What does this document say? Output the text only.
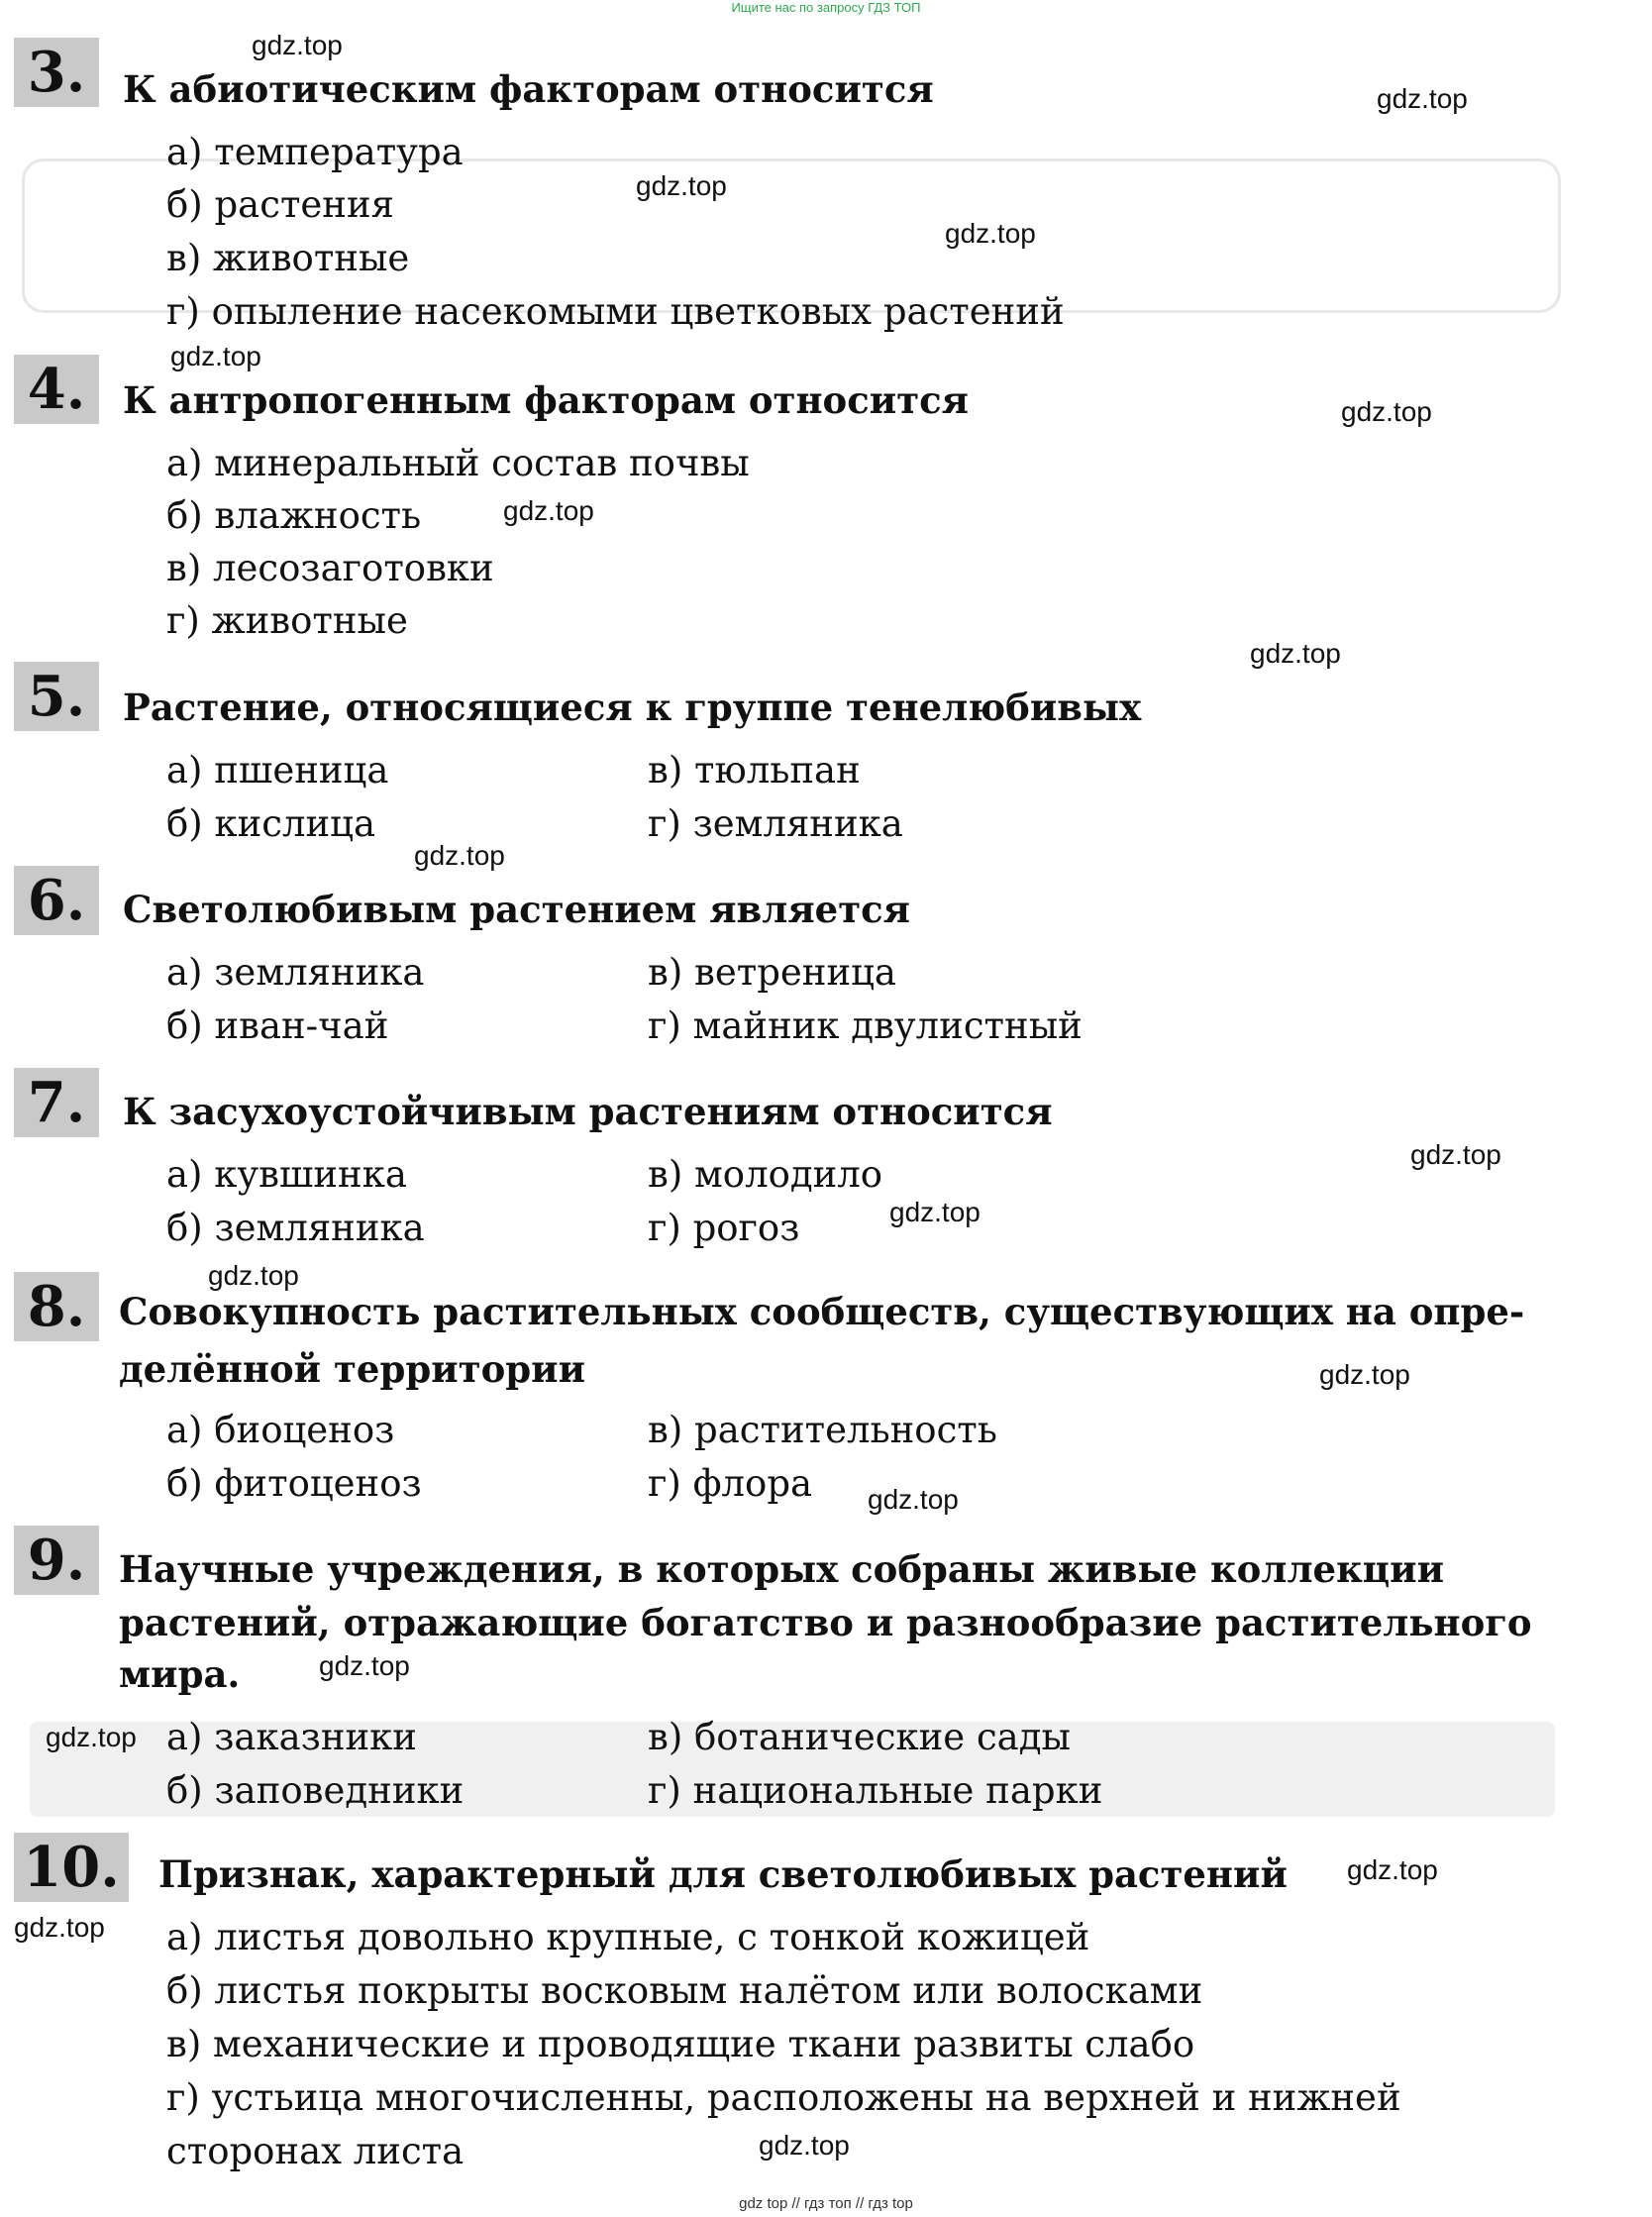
Ищите нас по запросу ГДЗ ТОП
3.	К абиотическим факторам относится
а) температура
б) растения
в) животные
г) опыление насекомыми цветковых растений
4.	К антропогенным факторам относится
а) минеральный состав почвы
б) влажность
в) лесозаготовки
г) животные
5.	Растение, относящиеся к группе тенелюбивых
а) пшеница	в) тюльпан
б) кислица	г) земляника
6.	Светолюбивым растением является
а) земляника	в) ветреница
б) иван-чай	г) майник двулистный
7.	К засухоустойчивым растениям относится
а) кувшинка	в) молодило
б) земляника	г) рогоз
8. Совокупность растительных сообществ, существующих на опре-
делённой территории
а) биоценоз	в) растительность
б) фитоценоз	г) флора
9. Научные учреждения, в которых собраны живые коллекции
растений, отражающие богатство и разнообразие растительного
мира.
а) заказники	в) ботанические сады
б) заповедники	г) национальные парки
10. Признак, характерный для светолюбивых растений
а) листья довольно крупные, с тонкой кожицей
б) листья покрыты восковым налётом или волосками
в) механические и проводящие ткани развиты слабо
г) устьица многочисленны, расположены на верхней и нижней
сторонах листа
gdz.top
gdz.top
gdz.top
gdz.top
gdz.top
gdz.top
gdz.top
gdz.top
gdz.top
gdz.top
gdz.top
gdz.top
gdz.top
gdz.top
gdz.top
gdz.top
gdz.top
gdz.top
gdz.top
gdz top // гдз топ // гдз top
